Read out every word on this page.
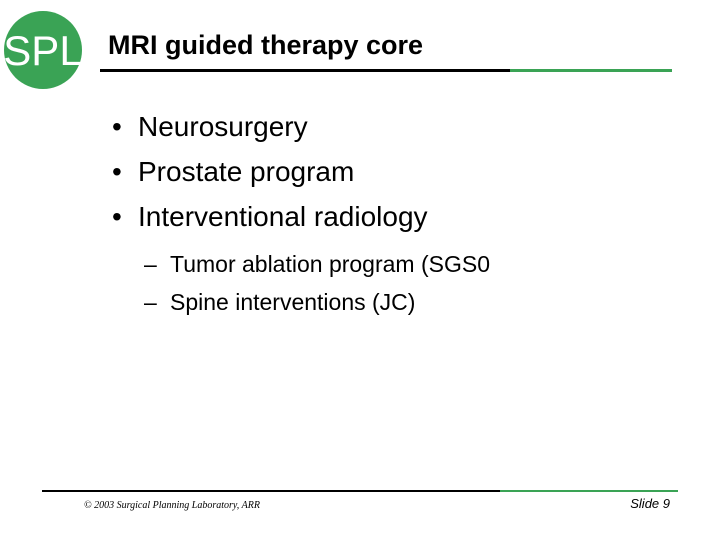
SPL MRI guided therapy core
• Neurosurgery
• Prostate program
• Interventional radiology
– Tumor ablation program (SGS0
– Spine interventions (JC)
© 2003 Surgical Planning Laboratory, ARR	Slide 9
